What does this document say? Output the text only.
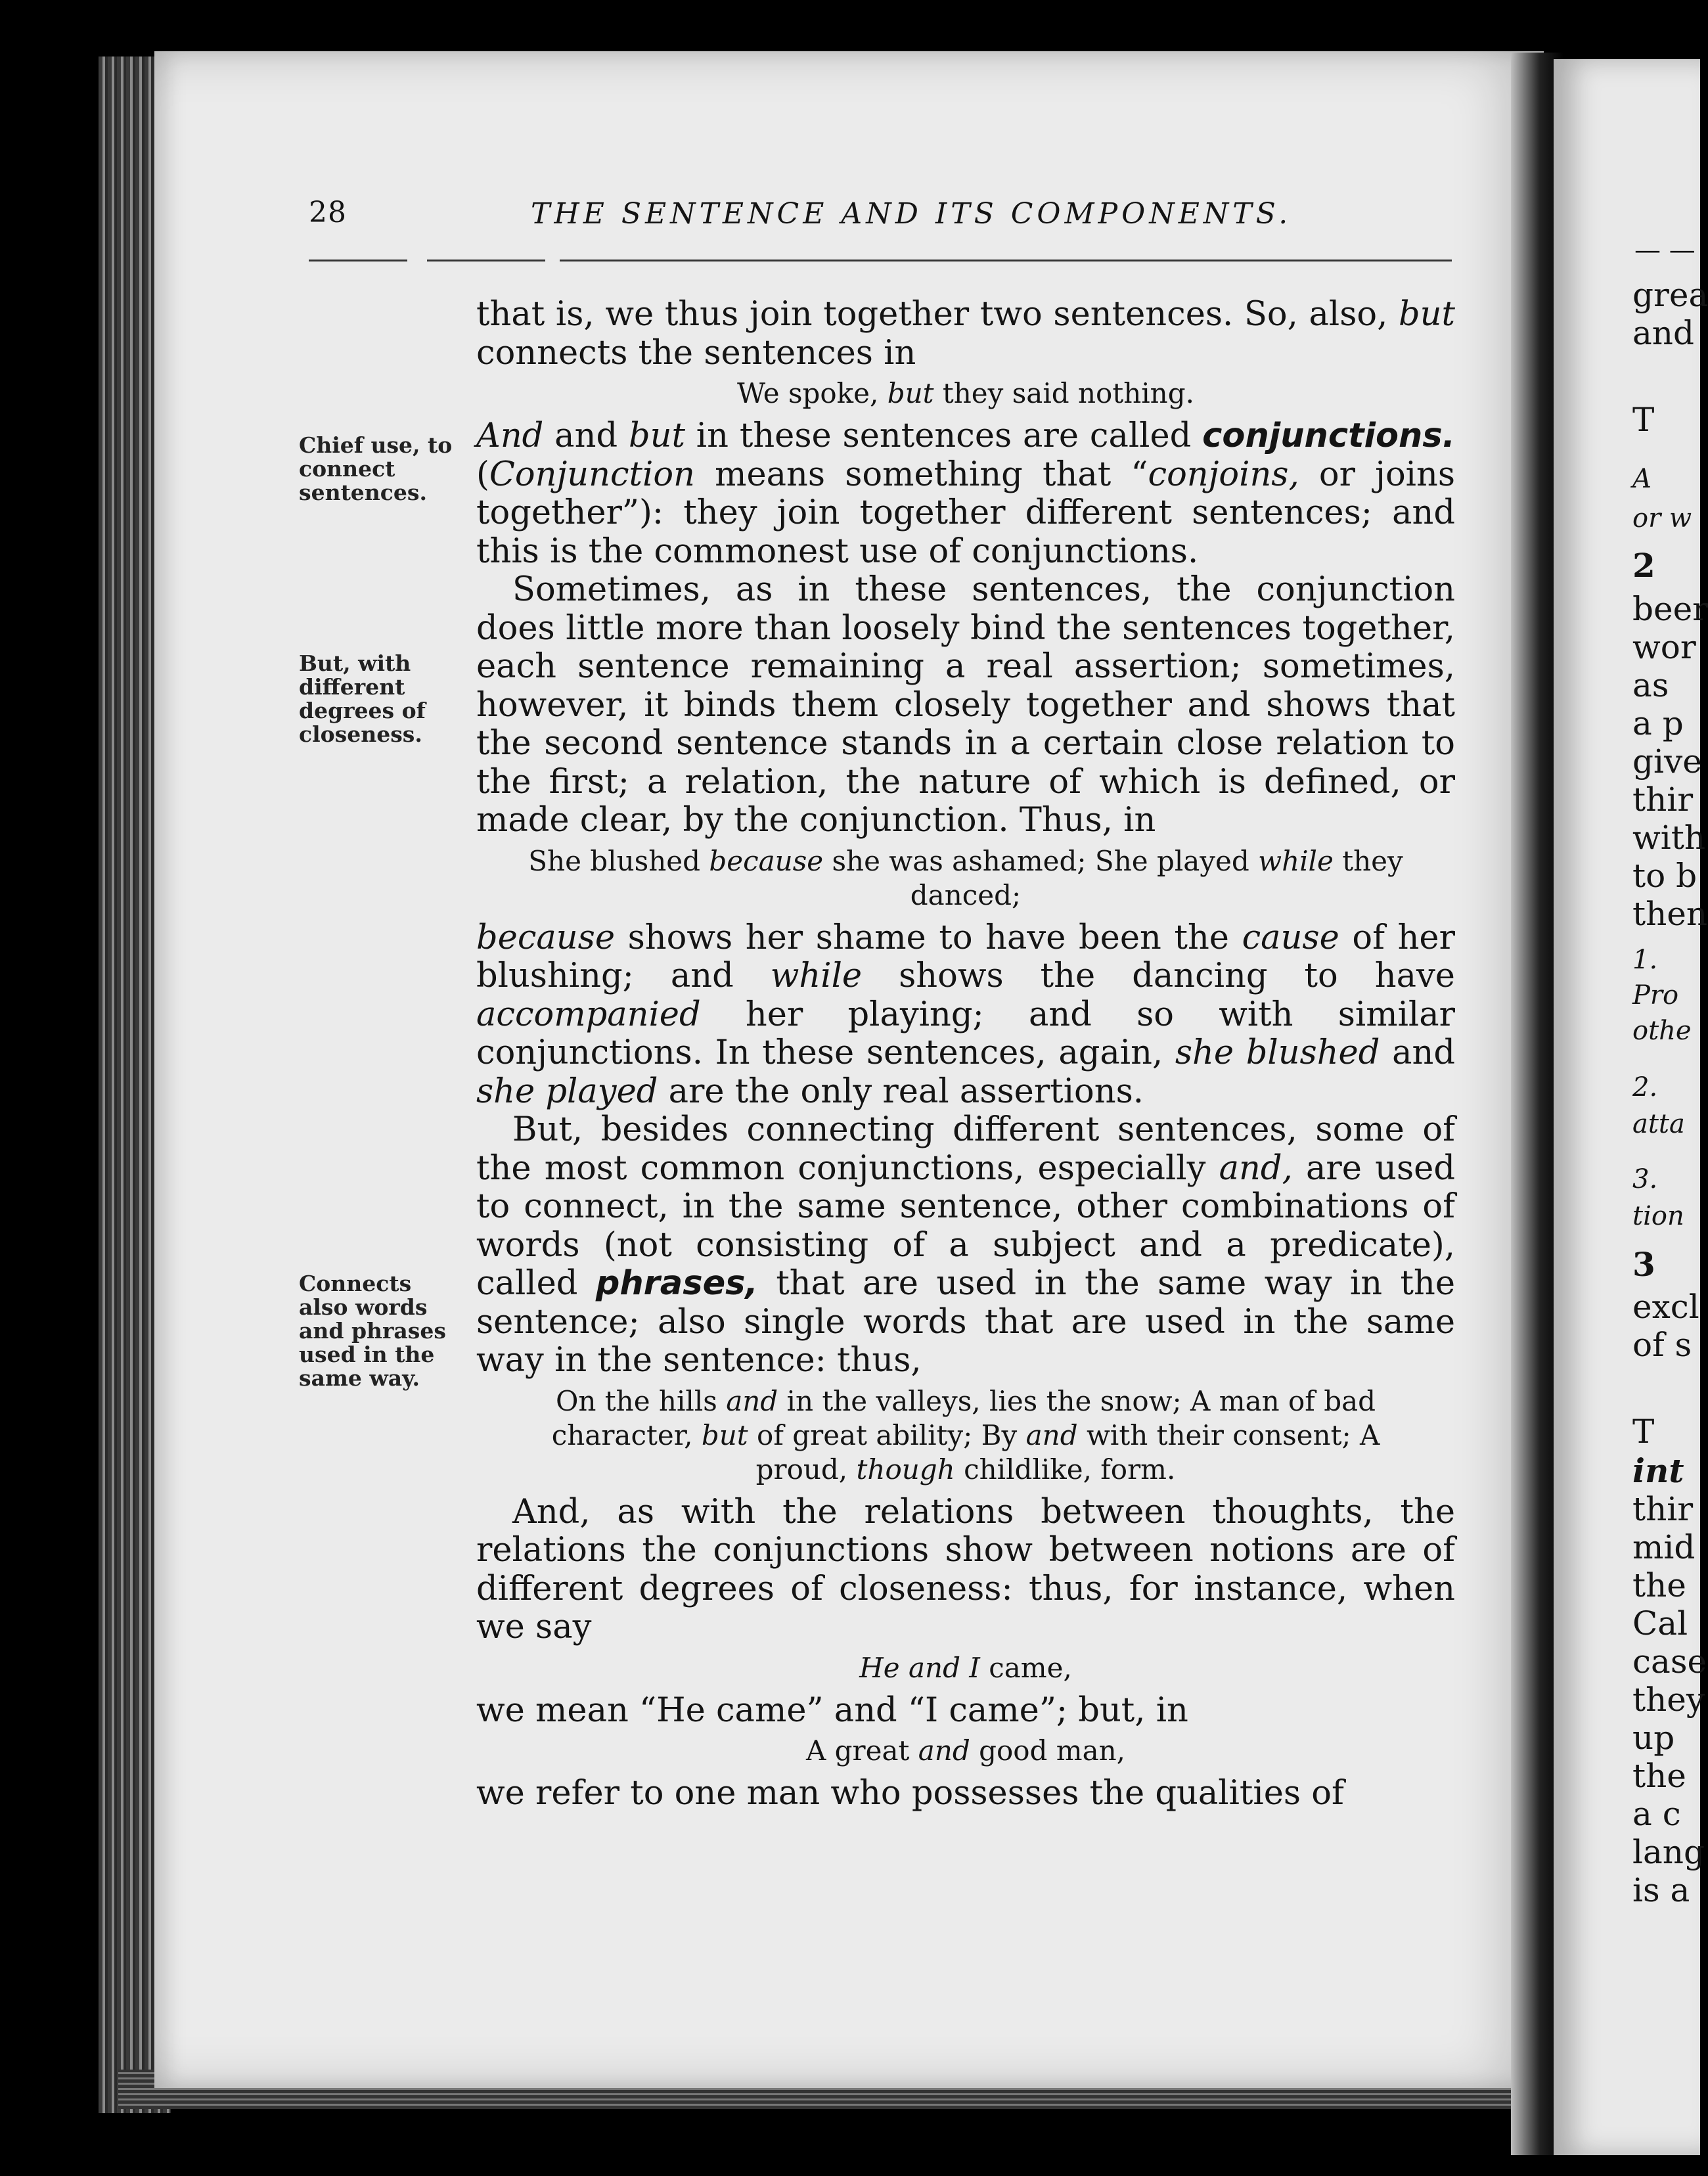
28	THE SENTENCE AND ITS COMPONENTS.
Chief use, to connect sentences.
But, with different degrees of closeness.
Connects also words and phrases used in the same way.

that is, we thus join together two sentences. So, also, but connects the sentences in

We spoke, but they said nothing.

And and but in these sentences are called conjunctions. (Conjunction means something that “conjoins, or joins together”): they join together different sentences; and this is the commonest use of conjunctions.

Sometimes, as in these sentences, the conjunction does little more than loosely bind the sentences together, each sentence remaining a real assertion; sometimes, however, it binds them closely together and shows that the second sentence stands in a certain close relation to the first; a relation, the nature of which is defined, or made clear, by the conjunction. Thus, in

She blushed because she was ashamed; She played while they danced;

because shows her shame to have been the cause of her blushing; and while shows the dancing to have accompanied her playing; and so with similar conjunctions. In these sentences, again, she blushed and she played are the only real assertions.

But, besides connecting different sentences, some of the most common conjunctions, especially and, are used to connect, in the same sentence, other combinations of words (not consisting of a subject and a predicate), called phrases, that are used in the same way in the sentence; also single words that are used in the same way in the sentence: thus,

On the hills and in the valleys, lies the snow; A man of bad character, but of great ability; By and with their consent; A proud, though childlike, form.

And, as with the relations between thoughts, the relations the conjunctions show between notions are of different degrees of closeness: thus, for instance, when we say

He and I came,

we mean “He came” and “I came”; but, in

A great and good man,

we refer to one man who possesses the qualities of

— —
grea
and
T
A
or w
2
beer
wor
as
a p
give
thir
with
to b
then
1.
Pro
othe
2.
atta
3.
tion
3
excl
of s
T
int
thir
mid
the
Cal
case
they
up
the
a c
lang
is a
